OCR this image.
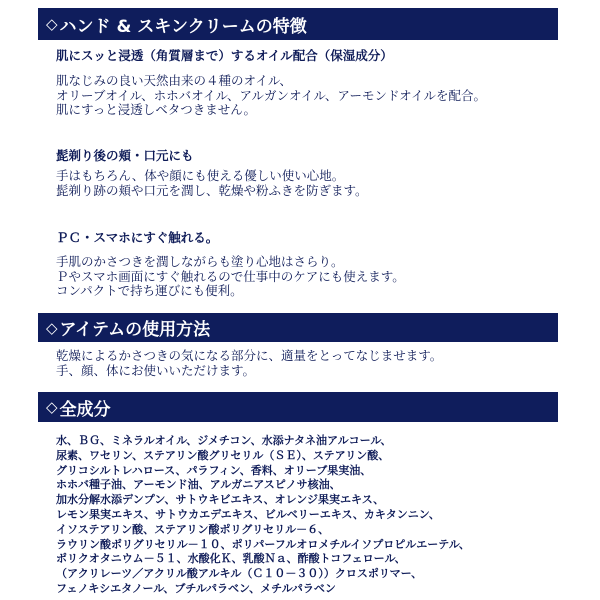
◇ ハンド & スキンクリームの特徴
肌にスッと浸透（角質層まで）するオイル配合（保湿成分）
肌なじみの良い天然由来の４種のオイル、
オリーブオイル、ホホバオイル、アルガンオイル、アーモンドオイルを配合。
肌にすっと浸透しベタつきません。
髭剃り後の頬・口元にも
手はもちろん、体や顔にも使える優しい使い心地。
髭剃り跡の頬や口元を潤し、乾燥や粉ふきを防ぎます。
ＰＣ・スマホにすぐ触れる。
手肌のかさつきを潤しながらも塗り心地はさらり。
Ｐやスマホ画面にすぐ触れるので仕事中のケアにも使えます。
コンパクトで持ち運びにも便利。
◇ アイテムの使用方法
乾燥によるかさつきの気になる部分に、適量をとってなじませます。
手、顔、体にお使いいただけます。
◇ 全成分
水、ＢＧ、ミネラルオイル、ジメチコン、水添ナタネ油アルコール、
尿素、ワセリン、ステアリン酸グリセリル（ＳＥ）、ステアリン酸、
グリコシルトレハロース、パラフィン、香料、オリーブ果実油、
ホホバ種子油、アーモンド油、アルガニアスピノサ核油、
加水分解水添デンプン、サトウキビエキス、オレンジ果実エキス、
レモン果実エキス、サトウカエデエキス、ビルベリーエキス、カキタンニン、
イソステアリン酸、ステアリン酸ポリグリセリル－６、
ラウリン酸ポリグリセリル－１０、ポリパーフルオロメチルイソプロピルエーテル、
ポリクオタニウム－５１、水酸化Ｋ、乳酸Ｎａ、酢酸トコフェロール、
（アクリレーツ／アクリル酸アルキル（Ｃ１０－３０））クロスポリマー、
フェノキシエタノール、ブチルパラベン、メチルパラベン
